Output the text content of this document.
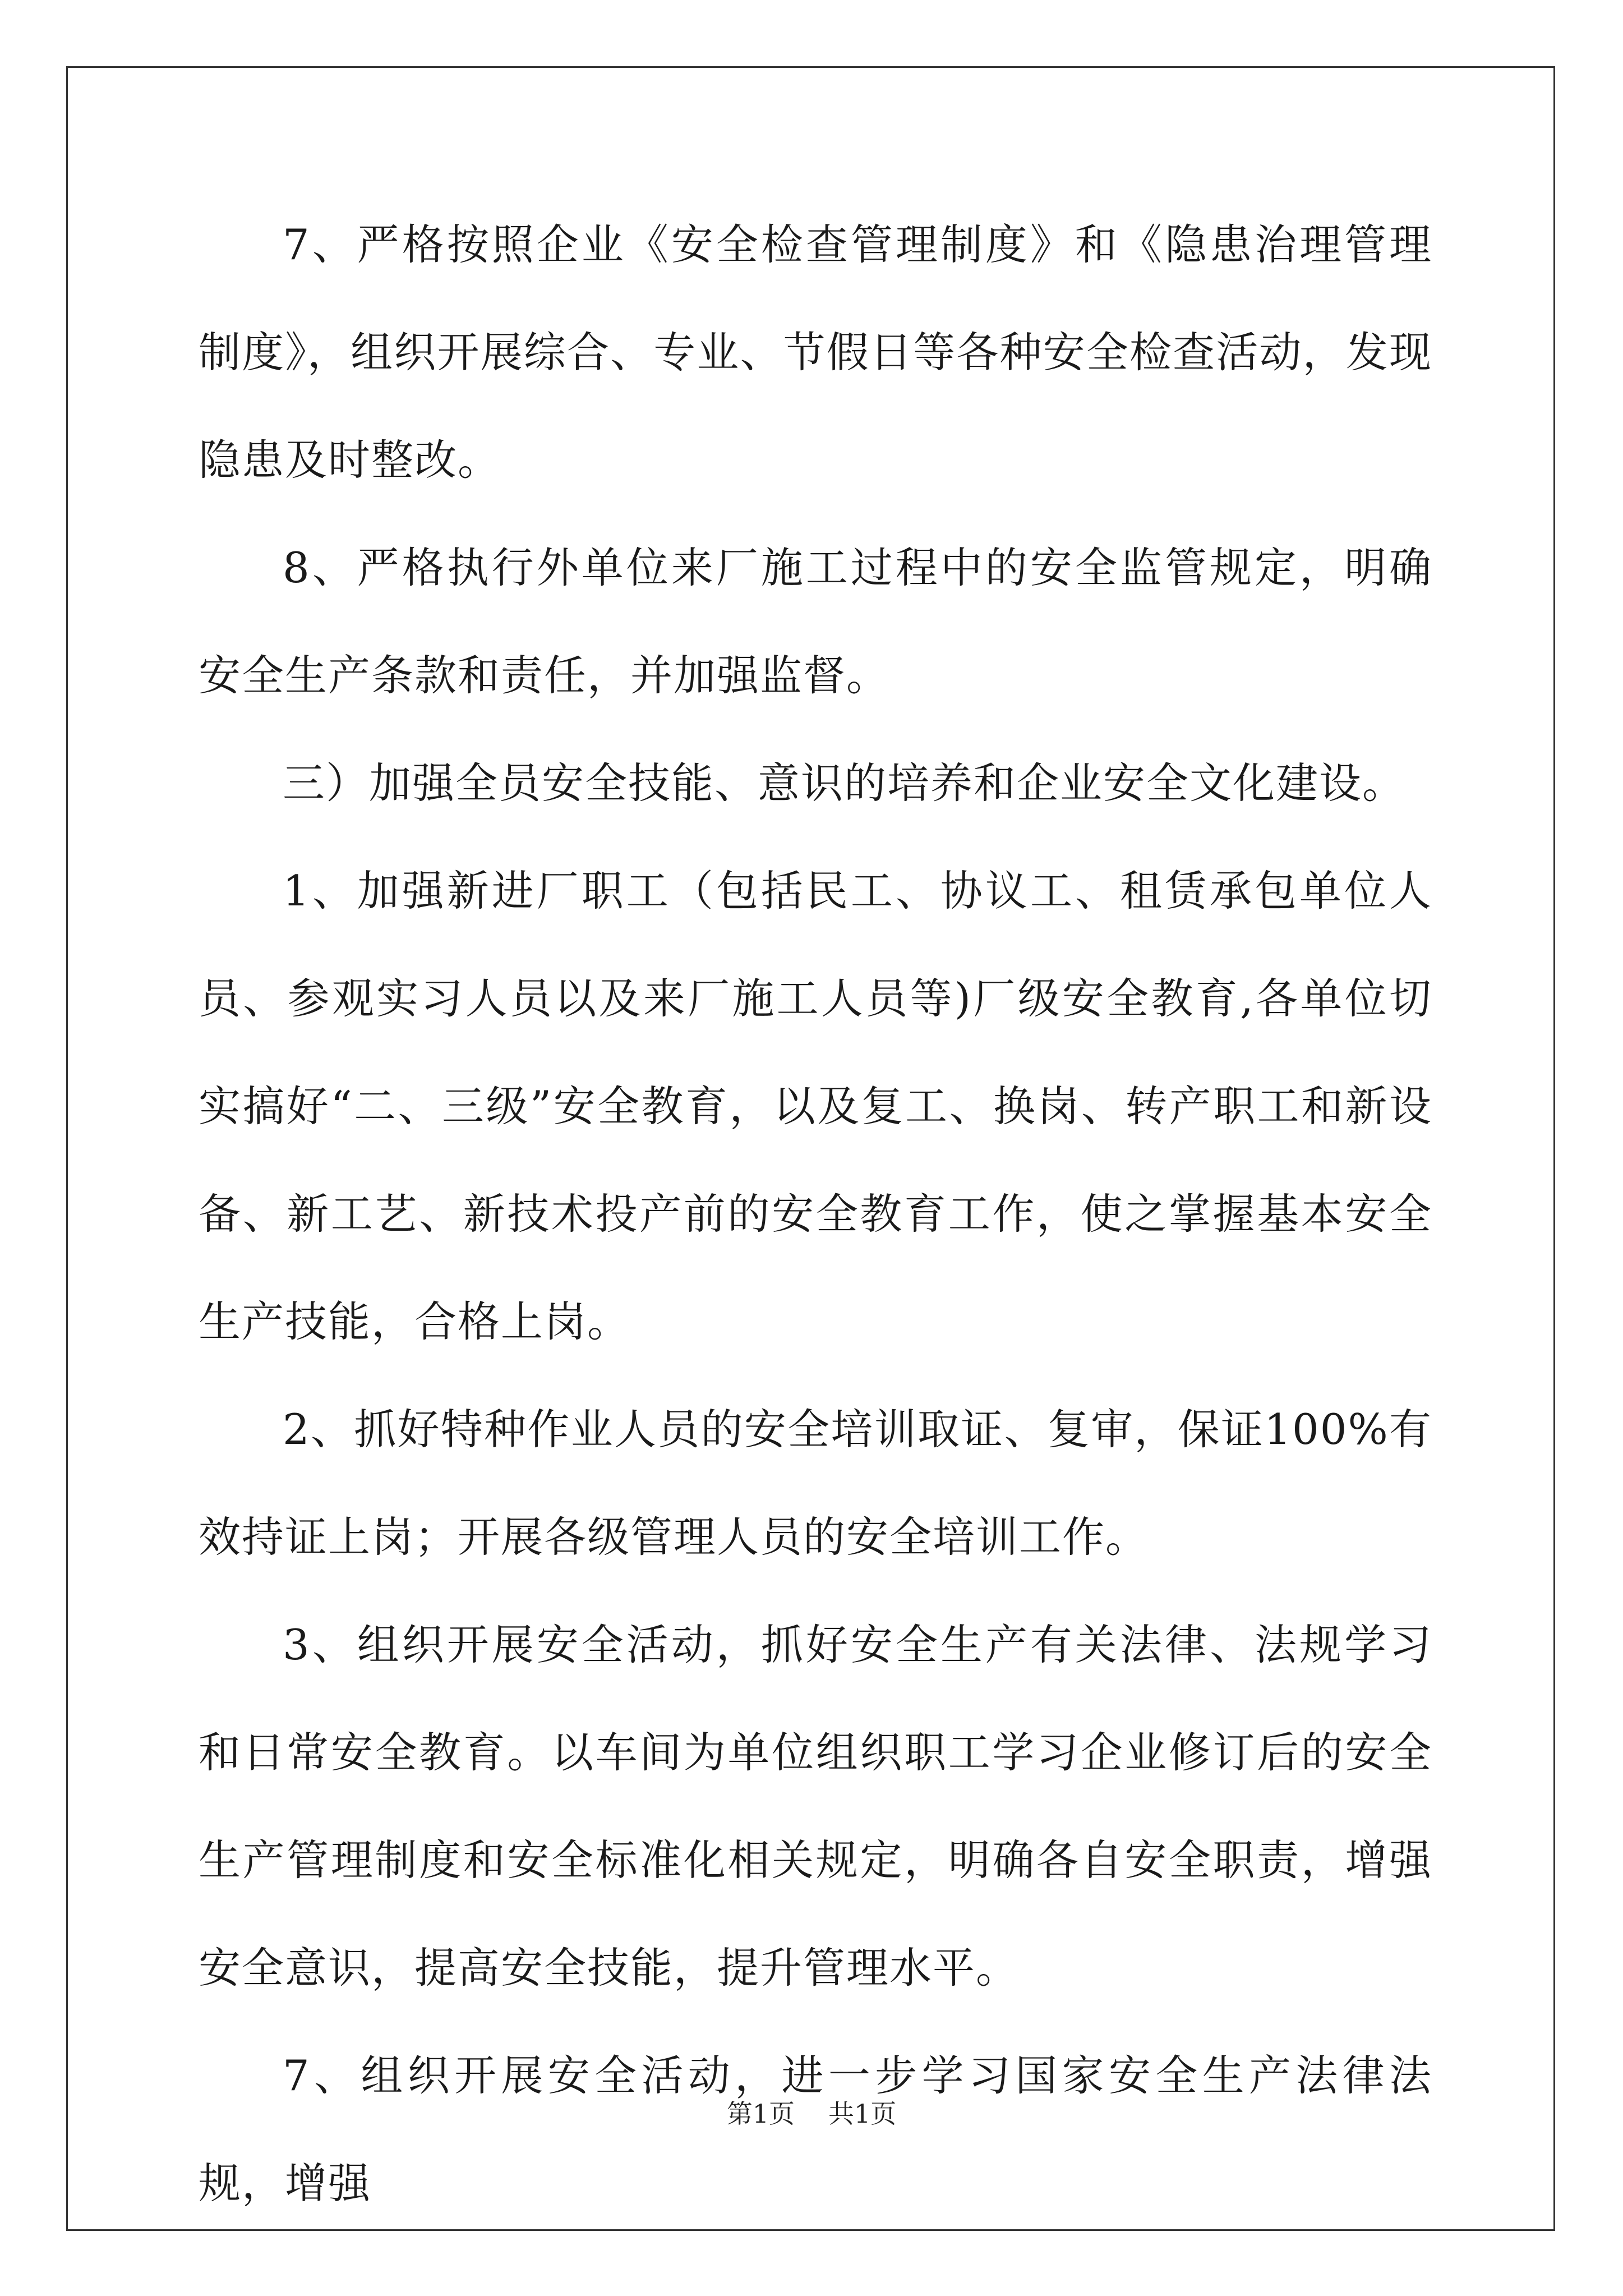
7、严格按照企业《安全检查管理制度》和《隐患治理管理制度》，组织开展综合、专业、节假日等各种安全检查活动，发现隐患及时整改。

8、严格执行外单位来厂施工过程中的安全监管规定，明确安全生产条款和责任，并加强监督。

三）加强全员安全技能、意识的培养和企业安全文化建设。

1、加强新进厂职工（包括民工、协议工、租赁承包单位人员、参观实习人员以及来厂施工人员等)厂级安全教育,各单位切实搞好“二、三级”安全教育，以及复工、换岗、转产职工和新设备、新工艺、新技术投产前的安全教育工作，使之掌握基本安全生产技能，合格上岗。

2、抓好特种作业人员的安全培训取证、复审，保证100%有效持证上岗；开展各级管理人员的安全培训工作。

3、组织开展安全活动，抓好安全生产有关法律、法规学习和日常安全教育。以车间为单位组织职工学习企业修订后的安全生产管理制度和安全标准化相关规定，明确各自安全职责，增强安全意识，提高安全技能，提升管理水平。

7、组织开展安全活动，进一步学习国家安全生产法律法规，增强

第1页 共1页
